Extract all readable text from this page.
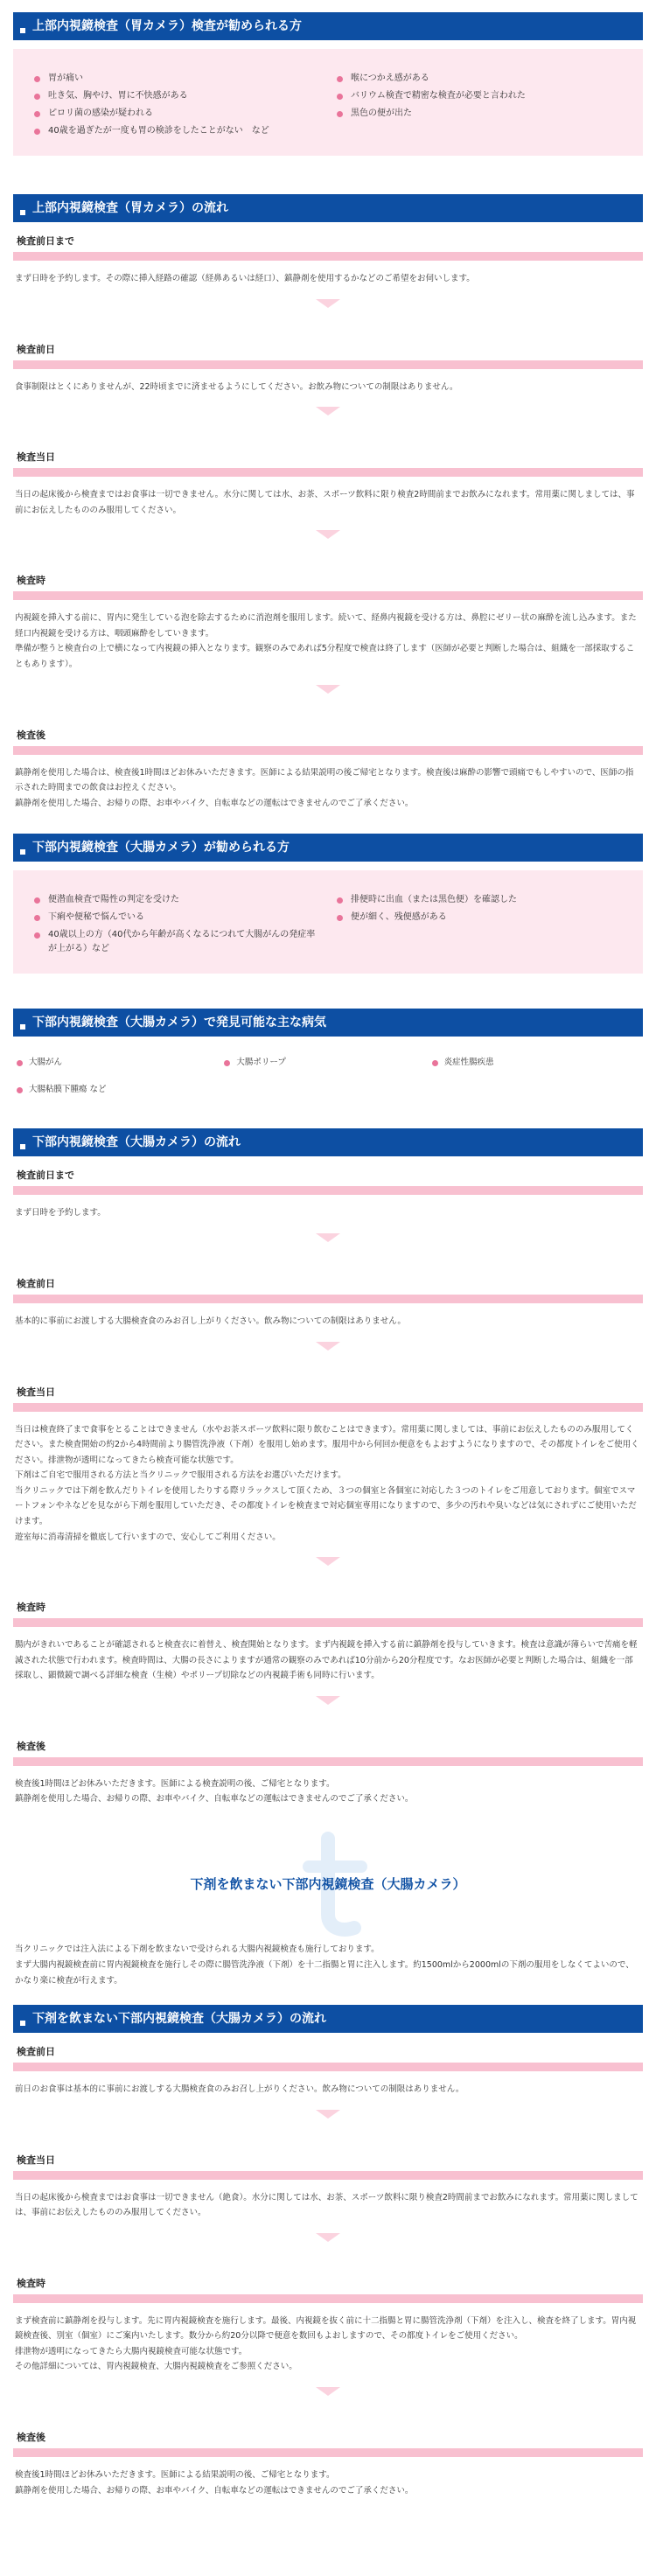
上部内視鏡検査（胃カメラ）検査が勧められる方
胃が痛い	喉につかえ感がある
吐き気、胸やけ、胃に不快感がある	バリウム検査で精密な検査が必要と言われた
ピロリ菌の感染が疑われる	黒色の便が出た
40歳を過ぎたが一度も胃の検診をしたことがない　など
上部内視鏡検査（胃カメラ）の流れ
検査前日まで

まず日時を予約します。その際に挿入経路の確認（経鼻あるいは経口）、鎮静剤を使用するかなどのご希望をお伺いします。

検査前日

食事制限はとくにありませんが、22時頃までに済ませるようにしてください。お飲み物についての制限はありません。

検査当日

当日の起床後から検査まではお食事は一切できません。水分に関しては水、お茶、スポーツ飲料に限り検査2時間前までお飲みになれます。常用薬に関しましては、事前にお伝えしたもののみ服用してください。

検査時

内視鏡を挿入する前に、胃内に発生している泡を除去するために消泡剤を服用します。続いて、経鼻内視鏡を受ける方は、鼻腔にゼリー状の麻酔を流し込みます。また経口内視鏡を受ける方は、咽頭麻酔をしていきます。
準備が整うと検査台の上で横になって内視鏡の挿入となります。観察のみであれば5分程度で検査は終了します（医師が必要と判断した場合は、組織を一部採取することもあります）。

検査後

鎮静剤を使用した場合は、検査後1時間ほどお休みいただきます。医師による結果説明の後ご帰宅となります。検査後は麻酔の影響で頭痛でもしやすいので、医師の指示された時間までの飲食はお控えください。
鎮静剤を使用した場合、お帰りの際、お車やバイク、自転車などの運転はできませんのでご了承ください。

下部内視鏡検査（大腸カメラ）が勧められる方
便潜血検査で陽性の判定を受けた	排便時に出血（または黒色便）を確認した
下痢や便秘で悩んでいる	便が細く、残便感がある
40歳以上の方（40代から年齢が高くなるにつれて大腸がんの発症率が上がる）など
下部内視鏡検査（大腸カメラ）で発見可能な主な病気
大腸がん	大腸ポリープ	炎症性腸疾患
大腸粘膜下腫瘍 など
下部内視鏡検査（大腸カメラ）の流れ
検査前日まで

まず日時を予約します。

検査前日

基本的に事前にお渡しする大腸検査食のみお召し上がりください。飲み物についての制限はありません。

検査当日

当日は検査終了まで食事をとることはできません（水やお茶スポーツ飲料に限り飲むことはできます）。常用薬に関しましては、事前にお伝えしたもののみ服用してください。また検査開始の約2から4時間前より腸管洗浄液（下剤）を服用し始めます。服用中から何回か便意をもよおすようになりますので、その都度トイレをご使用ください。排泄物が透明になってきたら検査可能な状態です。
下剤はご自宅で服用される方法と当クリニックで服用される方法をお選びいただけます。
当クリニックでは下剤を飲んだりトイレを使用したりする際リラックスして頂くため、３つの個室と各個室に対応した３つのトイレをご用意しております。個室でスマートフォンやネなどを見ながら下剤を服用していただき、その都度トイレを検査まで対応個室専用になりますので、多少の汚れや臭いなどは気にされずにご使用いただけます。
遊室毎に消毒清掃を徹底して行いますので、安心してご利用ください。

検査時

腸内がきれいであることが確認されると検査衣に着替え、検査開始となります。まず内視鏡を挿入する前に鎮静剤を投与していきます。検査は意識が薄らいで苦痛を軽減された状態で行われます。検査時間は、大腸の長さによりますが通常の観察のみであれば10分前から20分程度です。なお医師が必要と判断した場合は、組織を一部採取し、顕微鏡で調べる詳細な検査（生検）やポリープ切除などの内視鏡手術も同時に行います。

検査後

検査後1時間ほどお休みいただきます。医師による検査説明の後、ご帰宅となります。
鎮静剤を使用した場合、お帰りの際、お車やバイク、自転車などの運転はできませんのでご了承ください。

下剤を飲まない下部内視鏡検査（大腸カメラ）

当クリニックでは注入法による下剤を飲まないで受けられる大腸内視鏡検査も施行しております。
まず大腸内視鏡検査前に胃内視鏡検査を施行しその際に腸管洗浄液（下剤）を十二指腸と胃に注入します。約1500mlから2000mlの下剤の服用をしなくてよいので、かなり楽に検査が行えます。

下剤を飲まない下部内視鏡検査（大腸カメラ）の流れ
検査前日

前日のお食事は基本的に事前にお渡しする大腸検査食のみお召し上がりください。飲み物についての制限はありません。

検査当日

当日の起床後から検査まではお食事は一切できません（絶食）。水分に関しては水、お茶、スポーツ飲料に限り検査2時間前までお飲みになれます。常用薬に関しましては、事前にお伝えしたもののみ服用してください。

検査時

まず検査前に鎮静剤を投与します。先に胃内視鏡検査を施行します。最後、内視鏡を抜く前に十二指腸と胃に腸管洗浄剤（下剤）を注入し、検査を終了します。胃内視鏡検査後、別室（個室）にご案内いたします。数分から約20分以降で便意を数回もよおしますので、その都度トイレをご使用ください。
排泄物が透明になってきたら大腸内視鏡検査可能な状態です。
その他詳細については、胃内視鏡検査、大腸内視鏡検査をご参照ください。

検査後

検査後1時間ほどお休みいただきます。医師による結果説明の後、ご帰宅となります。
鎮静剤を使用した場合、お帰りの際、お車やバイク、自転車などの運転はできませんのでご了承ください。
